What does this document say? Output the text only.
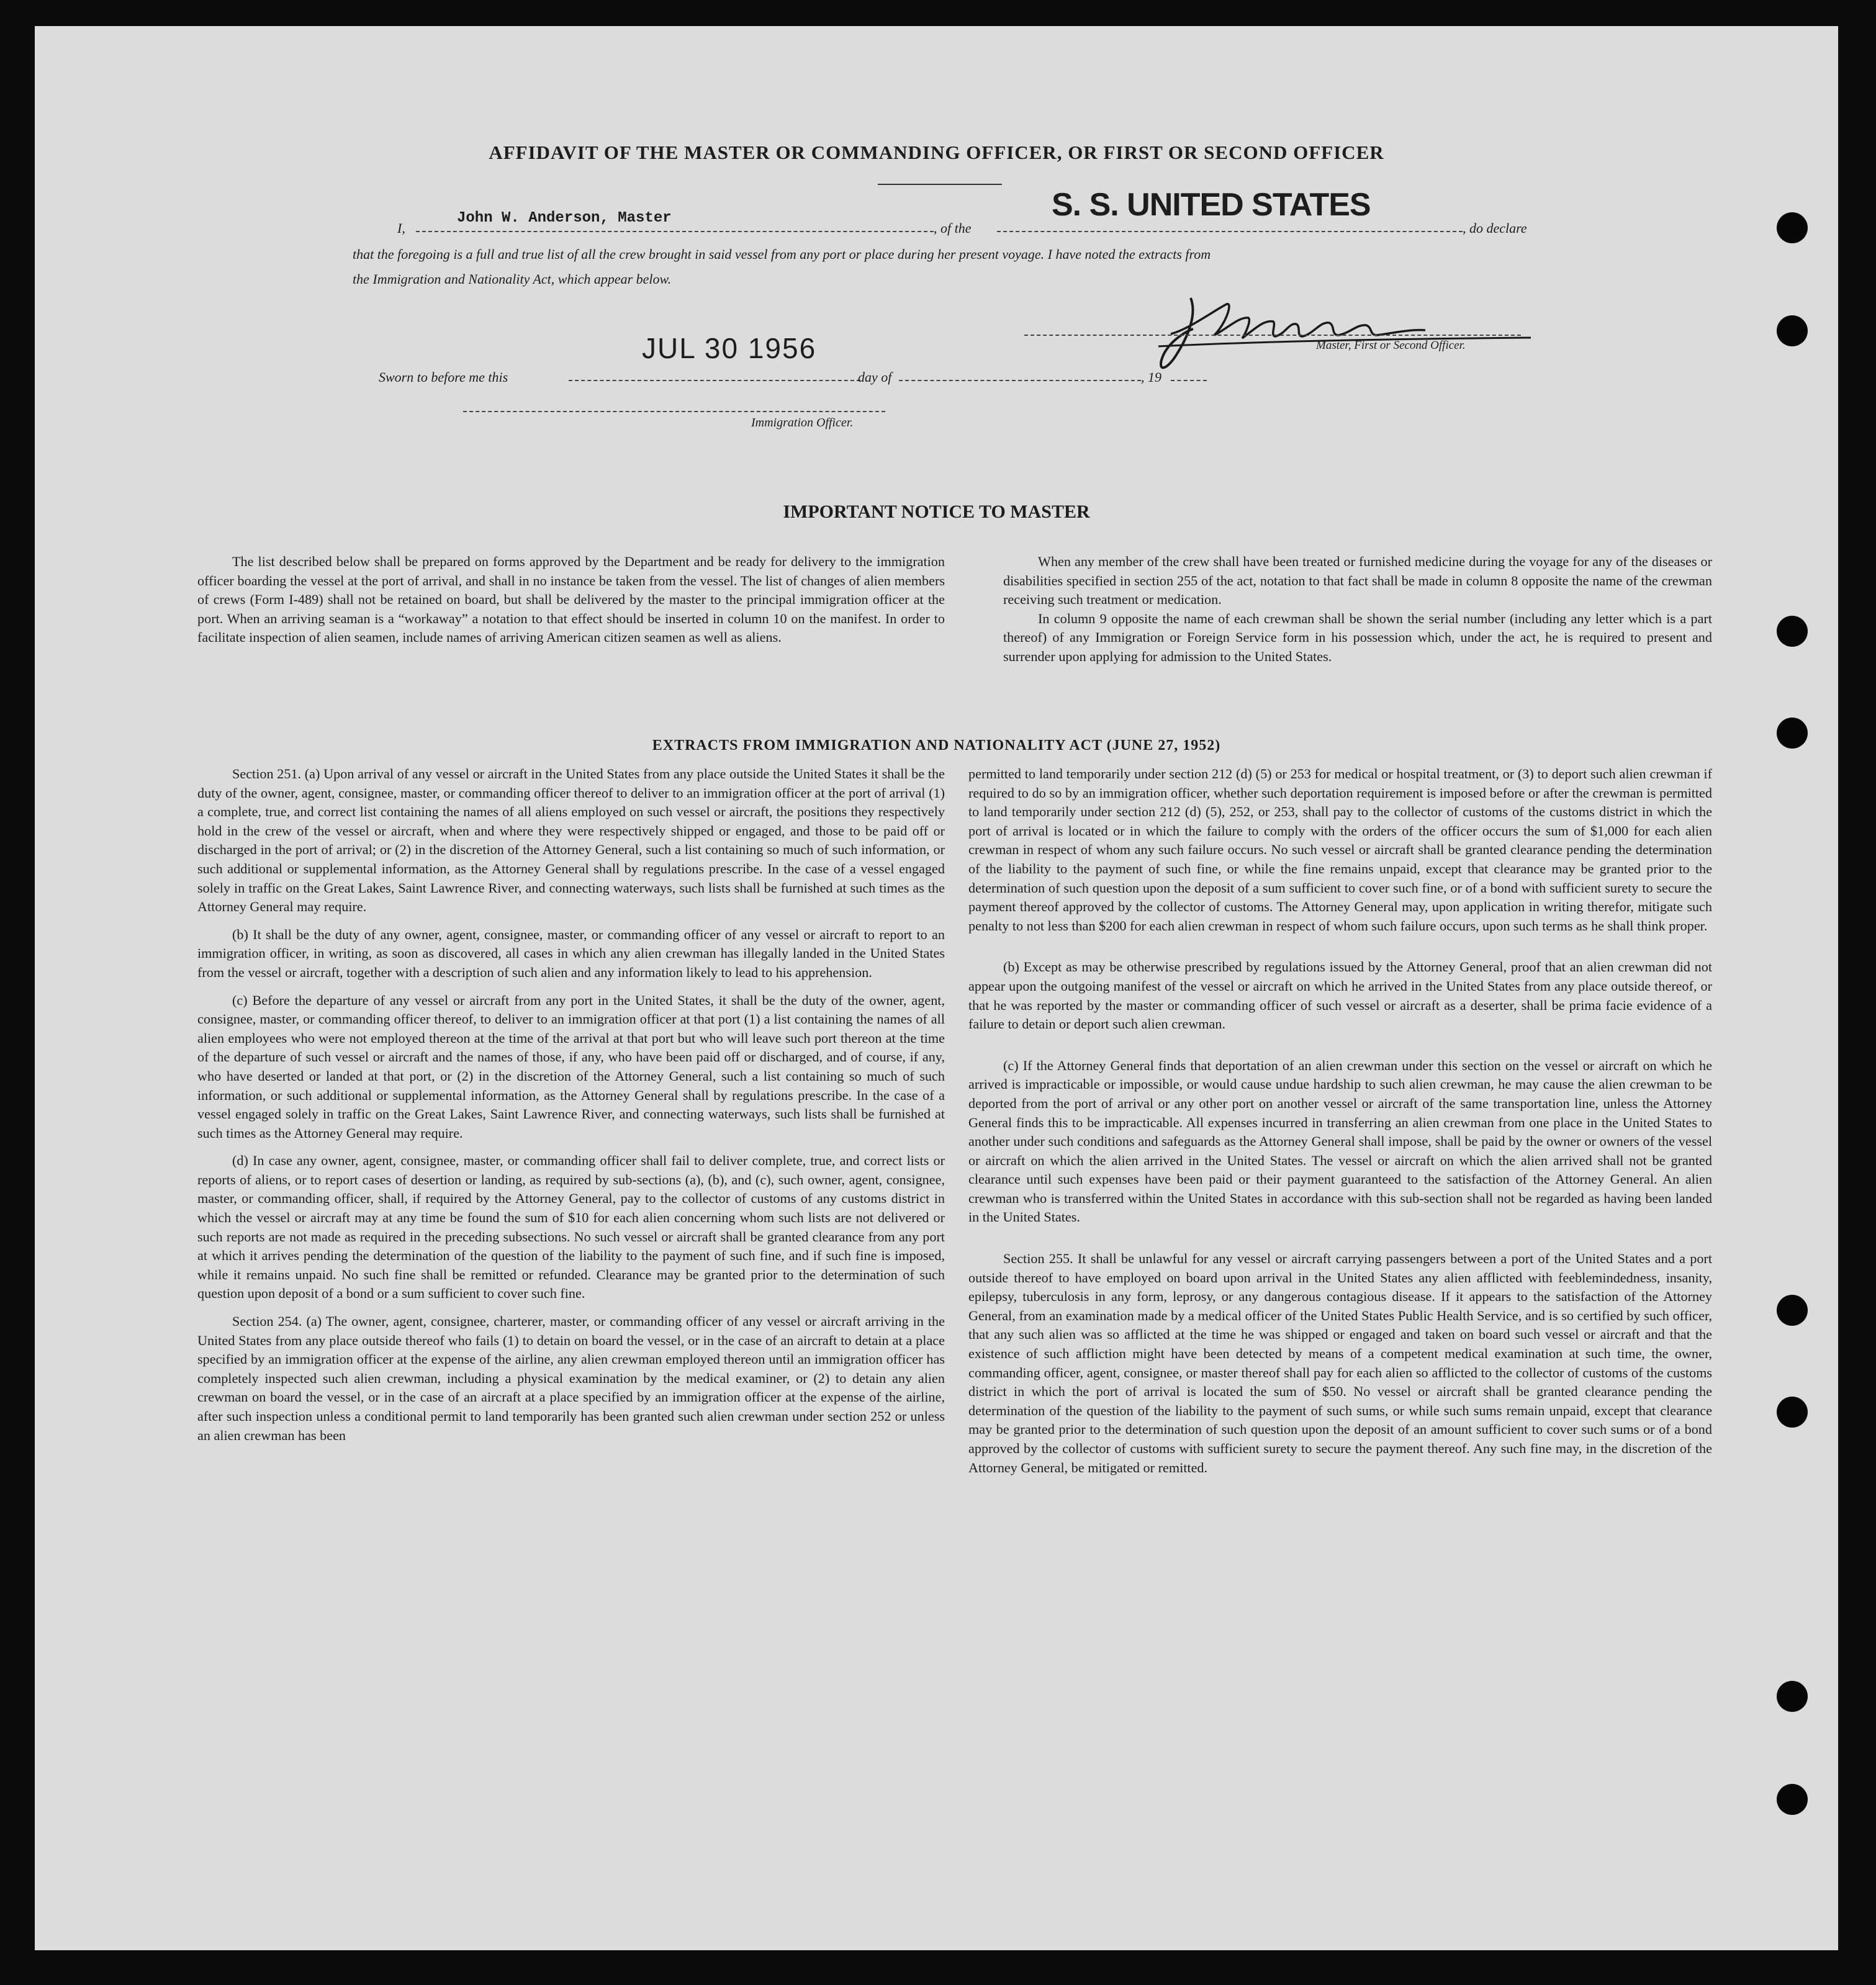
AFFIDAVIT OF THE MASTER OR COMMANDING OFFICER, OR FIRST OR SECOND OFFICER
I,
John W. Anderson, Master
, of the
S. S. UNITED STATES
, do declare
that the foregoing is a full and true list of all the crew brought in said vessel from any port or place during her present voyage. I have noted the extracts from
the Immigration and Nationality Act, which appear below.
Master, First or Second Officer.
Sworn to before me this
JUL 30 1956
day of	, 19
Immigration Officer.
IMPORTANT NOTICE TO MASTER

The list described below shall be prepared on forms approved by the Department and be ready for delivery to the immigration officer boarding the vessel at the port of arrival, and shall in no instance be taken from the vessel. The list of changes of alien members of crews (Form I-489) shall not be retained on board, but shall be delivered by the master to the principal immigration officer at the port. When an arriving seaman is a “workaway” a notation to that effect should be inserted in column 10 on the manifest. In order to facilitate inspection of alien seamen, include names of arriving American citizen seamen as well as aliens.

When any member of the crew shall have been treated or furnished medicine during the voyage for any of the diseases or disabilities specified in section 255 of the act, notation to that fact shall be made in column 8 opposite the name of the crewman receiving such treatment or medication.

In column 9 opposite the name of each crewman shall be shown the serial number (including any letter which is a part thereof) of any Immigration or Foreign Service form in his possession which, under the act, he is required to present and surrender upon applying for admission to the United States.

EXTRACTS FROM IMMIGRATION AND NATIONALITY ACT (JUNE 27, 1952)

Section 251. (a) Upon arrival of any vessel or aircraft in the United States from any place outside the United States it shall be the duty of the owner, agent, consignee, master, or commanding officer thereof to deliver to an immigration officer at the port of arrival (1) a complete, true, and correct list containing the names of all aliens employed on such vessel or aircraft, the positions they respectively hold in the crew of the vessel or aircraft, when and where they were respectively shipped or engaged, and those to be paid off or discharged in the port of arrival; or (2) in the discretion of the Attorney General, such a list containing so much of such information, or such additional or supplemental information, as the Attorney General shall by regulations prescribe. In the case of a vessel engaged solely in traffic on the Great Lakes, Saint Lawrence River, and connecting waterways, such lists shall be furnished at such times as the Attorney General may require.

(b) It shall be the duty of any owner, agent, consignee, master, or commanding officer of any vessel or aircraft to report to an immigration officer, in writing, as soon as discovered, all cases in which any alien crewman has illegally landed in the United States from the vessel or aircraft, together with a description of such alien and any information likely to lead to his apprehension.

(c) Before the departure of any vessel or aircraft from any port in the United States, it shall be the duty of the owner, agent, consignee, master, or commanding officer thereof, to deliver to an immigration officer at that port (1) a list containing the names of all alien employees who were not employed thereon at the time of the arrival at that port but who will leave such port thereon at the time of the departure of such vessel or aircraft and the names of those, if any, who have been paid off or discharged, and of course, if any, who have deserted or landed at that port, or (2) in the discretion of the Attorney General, such a list containing so much of such information, or such additional or supplemental information, as the Attorney General shall by regulations prescribe. In the case of a vessel engaged solely in traffic on the Great Lakes, Saint Lawrence River, and connecting waterways, such lists shall be furnished at such times as the Attorney General may require.

(d) In case any owner, agent, consignee, master, or commanding officer shall fail to deliver complete, true, and correct lists or reports of aliens, or to report cases of desertion or landing, as required by sub-sections (a), (b), and (c), such owner, agent, consignee, master, or commanding officer, shall, if required by the Attorney General, pay to the collector of customs of any customs district in which the vessel or aircraft may at any time be found the sum of $10 for each alien concerning whom such lists are not delivered or such reports are not made as required in the preceding subsections. No such vessel or aircraft shall be granted clearance from any port at which it arrives pending the determination of the question of the liability to the payment of such fine, and if such fine is imposed, while it remains unpaid. No such fine shall be remitted or refunded. Clearance may be granted prior to the determination of such question upon deposit of a bond or a sum sufficient to cover such fine.

Section 254. (a) The owner, agent, consignee, charterer, master, or commanding officer of any vessel or aircraft arriving in the United States from any place outside thereof who fails (1) to detain on board the vessel, or in the case of an aircraft to detain at a place specified by an immigration officer at the expense of the airline, any alien crewman employed thereon until an immigration officer has completely inspected such alien crewman, including a physical examination by the medical examiner, or (2) to detain any alien crewman on board the vessel, or in the case of an aircraft at a place specified by an immigration officer at the expense of the airline, after such inspection unless a conditional permit to land temporarily has been granted such alien crewman under section 252 or unless an alien crewman has been

permitted to land temporarily under section 212 (d) (5) or 253 for medical or hospital treatment, or (3) to deport such alien crewman if required to do so by an immigration officer, whether such deportation requirement is imposed before or after the crewman is permitted to land temporarily under section 212 (d) (5), 252, or 253, shall pay to the collector of customs of the customs district in which the port of arrival is located or in which the failure to comply with the orders of the officer occurs the sum of $1,000 for each alien crewman in respect of whom any such failure occurs. No such vessel or aircraft shall be granted clearance pending the determination of the liability to the payment of such fine, or while the fine remains unpaid, except that clearance may be granted prior to the determination of such question upon the deposit of a sum sufficient to cover such fine, or of a bond with sufficient surety to secure the payment thereof approved by the collector of customs. The Attorney General may, upon application in writing therefor, mitigate such penalty to not less than $200 for each alien crewman in respect of whom such failure occurs, upon such terms as he shall think proper.

(b) Except as may be otherwise prescribed by regulations issued by the Attorney General, proof that an alien crewman did not appear upon the outgoing manifest of the vessel or aircraft on which he arrived in the United States from any place outside thereof, or that he was reported by the master or commanding officer of such vessel or aircraft as a deserter, shall be prima facie evidence of a failure to detain or deport such alien crewman.

(c) If the Attorney General finds that deportation of an alien crewman under this section on the vessel or aircraft on which he arrived is impracticable or impossible, or would cause undue hardship to such alien crewman, he may cause the alien crewman to be deported from the port of arrival or any other port on another vessel or aircraft of the same transportation line, unless the Attorney General finds this to be impracticable. All expenses incurred in transferring an alien crewman from one place in the United States to another under such conditions and safeguards as the Attorney General shall impose, shall be paid by the owner or owners of the vessel or aircraft on which the alien arrived in the United States. The vessel or aircraft on which the alien arrived shall not be granted clearance until such expenses have been paid or their payment guaranteed to the satisfaction of the Attorney General. An alien crewman who is transferred within the United States in accordance with this sub-section shall not be regarded as having been landed in the United States.

Section 255. It shall be unlawful for any vessel or aircraft carrying passengers between a port of the United States and a port outside thereof to have employed on board upon arrival in the United States any alien afflicted with feeblemindedness, insanity, epilepsy, tuberculosis in any form, leprosy, or any dangerous contagious disease. If it appears to the satisfaction of the Attorney General, from an examination made by a medical officer of the United States Public Health Service, and is so certified by such officer, that any such alien was so afflicted at the time he was shipped or engaged and taken on board such vessel or aircraft and that the existence of such affliction might have been detected by means of a competent medical examination at such time, the owner, commanding officer, agent, consignee, or master thereof shall pay for each alien so afflicted to the collector of customs of the customs district in which the port of arrival is located the sum of $50. No vessel or aircraft shall be granted clearance pending the determination of the question of the liability to the payment of such sums, or while such sums remain unpaid, except that clearance may be granted prior to the determination of such question upon the deposit of an amount sufficient to cover such sums or of a bond approved by the collector of customs with sufficient surety to secure the payment thereof. Any such fine may, in the discretion of the Attorney General, be mitigated or remitted.
